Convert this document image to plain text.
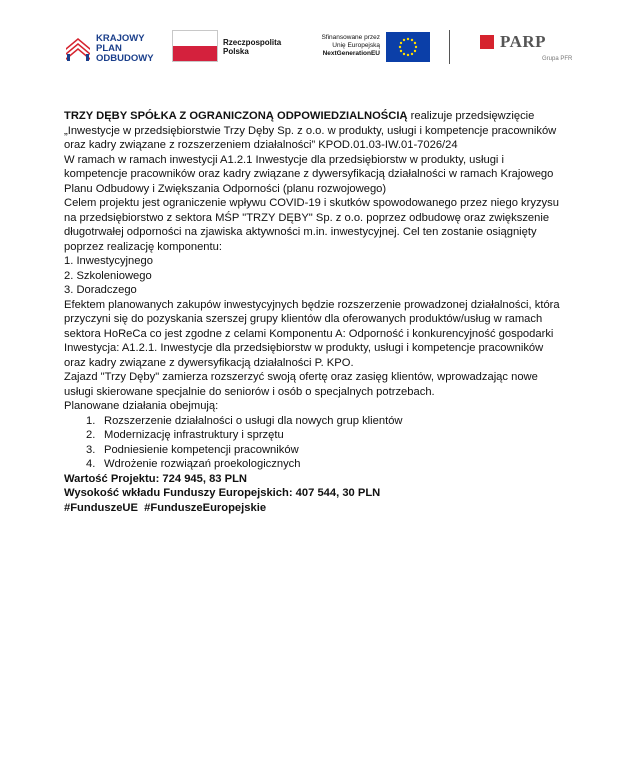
KRAJOWY
PLAN
ODBUDOWY
Rzeczpospolita
Polska
Sfinansowane przez
Unię Europejską
NextGenerationEU
PARP
Grupa PFR

TRZY DĘBY SPÓŁKA Z OGRANICZONĄ ODPOWIEDZIALNOŚCIĄ realizuje przedsięwzięcie „Inwestycje w przedsiębiorstwie Trzy Dęby Sp. z o.o. w produkty, usługi i kompetencje pracowników oraz kadry związane z rozszerzeniem działalności” KPOD.01.03-IW.01-7026/24

W ramach w ramach inwestycji A1.2.1 Inwestycje dla przedsiębiorstw w produkty, usługi i kompetencje pracowników oraz kadry związane z dywersyfikacją działalności w ramach Krajowego Planu Odbudowy i Zwiększania Odporności (planu rozwojowego)

Celem projektu jest ograniczenie wpływu COVID-19 i skutków spowodowanego przez niego kryzysu na przedsiębiorstwo z sektora MŚP "TRZY DĘBY" Sp. z o.o. poprzez odbudowę oraz zwiększenie długotrwałej odporności na zjawiska aktywności m.in. inwestycyjnej. Cel ten zostanie osiągnięty poprzez realizację komponentu:

1. Inwestycyjnego
2. Szkoleniowego
3. Doradczego

Efektem planowanych zakupów inwestycyjnych będzie rozszerzenie prowadzonej działalności, która przyczyni się do pozyskania szerszej grupy klientów dla oferowanych produktów/usług w ramach sektora HoReCa co jest zgodne z celami Komponentu A: Odporność i konkurencyjność gospodarki Inwestycja: A1.2.1. Inwestycje dla przedsiębiorstw w produkty, usługi i kompetencje pracowników oraz kadry związane z dywersyfikacją działalności P. KPO.

Zajazd "Trzy Dęby" zamierza rozszerzyć swoją ofertę oraz zasięg klientów, wprowadzając nowe usługi skierowane specjalnie do seniorów i osób o specjalnych potrzebach.

Planowane działania obejmują:

1. Rozszerzenie działalności o usługi dla nowych grup klientów
2. Modernizację infrastruktury i sprzętu
3. Podniesienie kompetencji pracowników
4. Wdrożenie rozwiązań proekologicznych

Wartość Projektu: 724 945, 83 PLN

Wysokość wkładu Funduszy Europejskich: 407 544, 30 PLN

#FunduszeUE  #FunduszeEuropejskie
